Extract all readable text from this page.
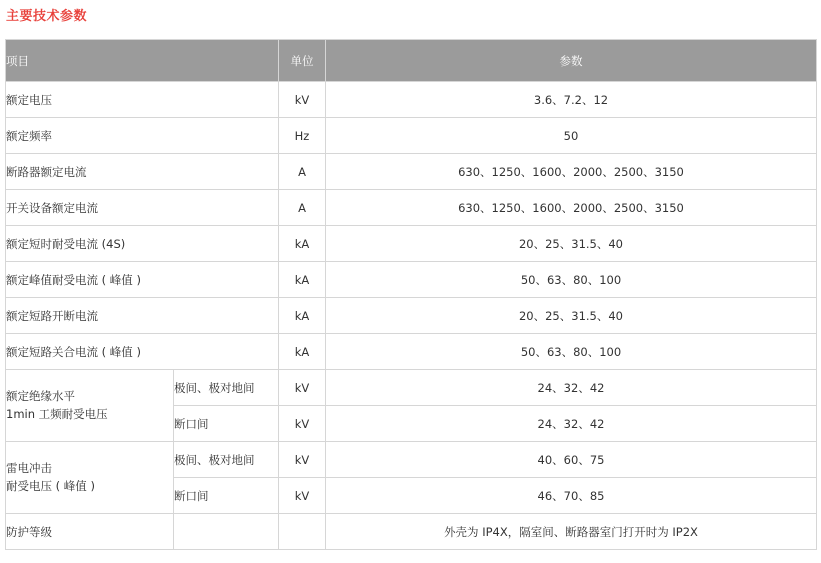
主要技术参数
项目		单位	参数
额定电压		kV	3.6、7.2、12
额定频率		Hz	50
断路器额定电流		A	630、1250、1600、2000、2500、3150
开关设备额定电流		A	630、1250、1600、2000、2500、3150
额定短时耐受电流 (4S)		kA	20、25、31.5、40
额定峰值耐受电流 ( 峰值 )		kA	50、63、80、100
额定短路开断电流		kA	20、25、31.5、40
额定短路关合电流 ( 峰值 )		kA	50、63、80、100

额定绝缘水平
1min 工频耐受电压	极间、极对地间	kV	24、32、42
	断口间	kV	24、32、42

雷电冲击
耐受电压 ( 峰值 )	极间、极对地间	kV	40、60、75
	断口间	kV	46、70、85
防护等级			外壳为 IP4X，隔室间、断路器室门打开时为 IP2X
